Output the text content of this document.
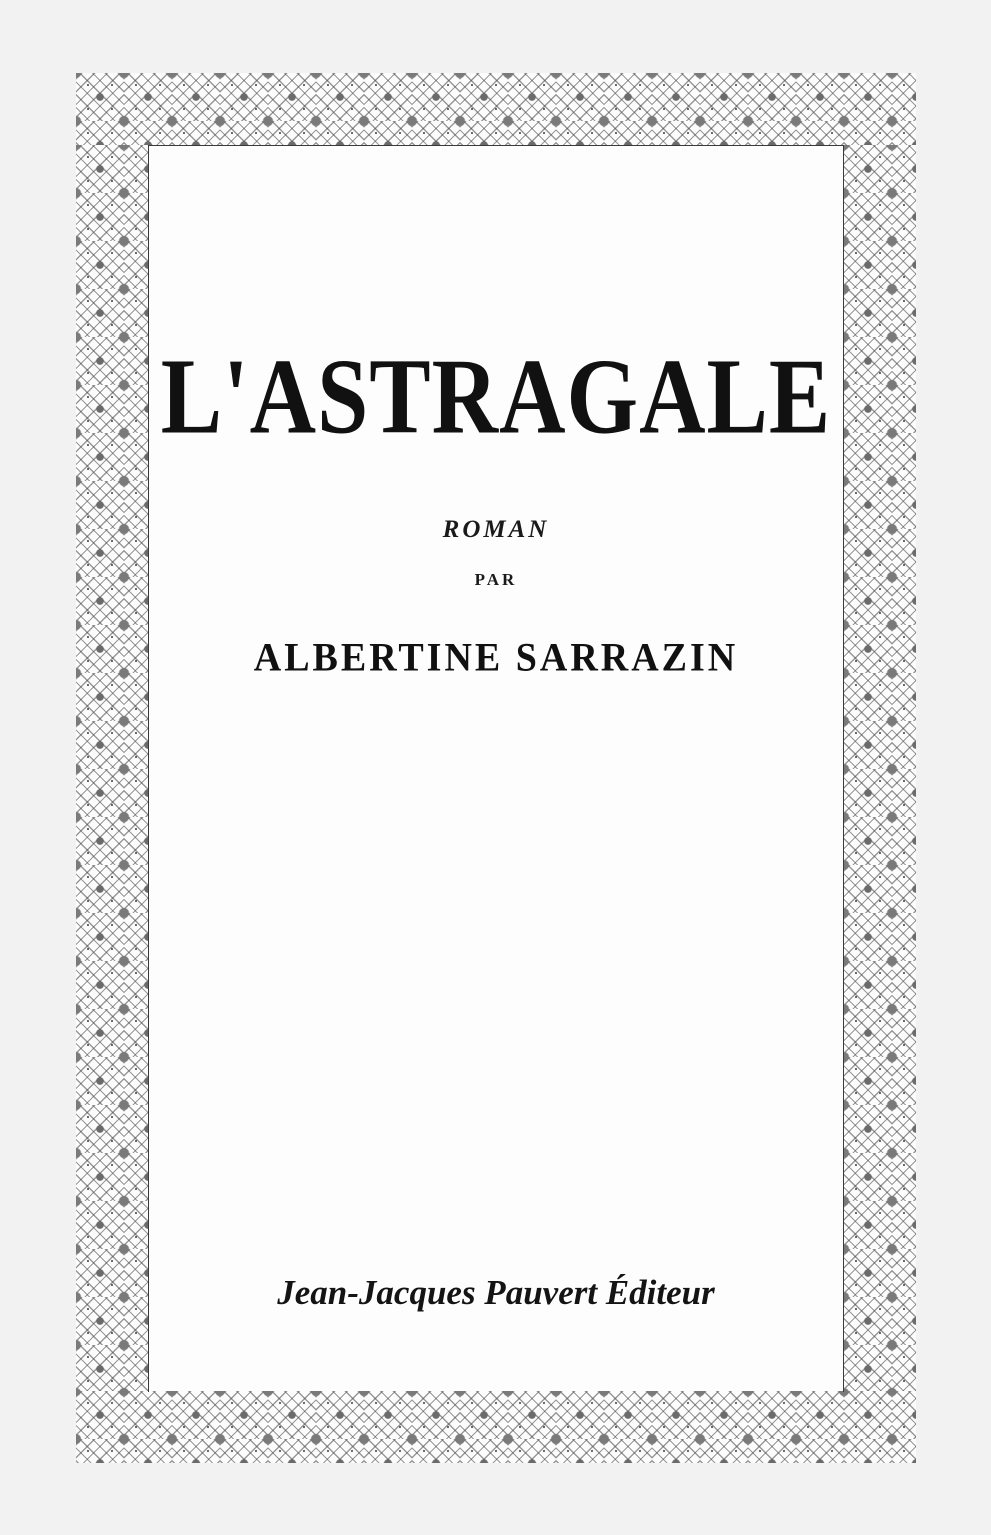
L'ASTRAGALE

ROMAN

PAR

ALBERTINE SARRAZIN

Jean-Jacques Pauvert Éditeur
